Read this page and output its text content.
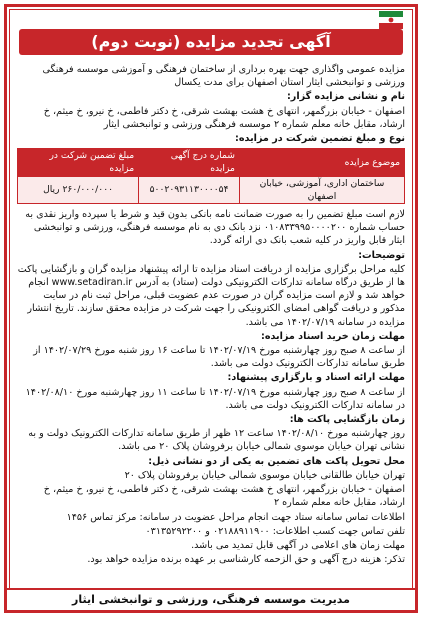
آگهی تجدید مزایده (نوبت دوم)

مزایده عمومی واگذاری جهت بهره برداری از ساختمان فرهنگی و آموزشی موسسه فرهنگی ورزشی و توانبخشی ایثار استان اصفهان برای مدت یکسال

نام و نشانی مزایده گزار:

اصفهان - خیابان بزرگمهر، انتهای خ هشت بهشت شرقی، خ دکتر فاطمی، خ نیرو، خ میثم، خ ارشاد، مقابل خانه معلم شماره ۲ موسسه فرهنگی ورزشی و توانبخشی ایثار

نوع و مبلغ تضمین شرکت در مزایده:

موضوع مزایده	شماره درج آگهی مزایده	مبلغ تضمین شرکت در مزایده
ساختمان اداری، آموزشی، خیابان اصفهان	۵۰۰۲۰۹۳۱۱۳۰۰۰۰۵۴	۲۶۰/۰۰۰/۰۰۰ ریال

لازم است مبلغ تضمین را به صورت ضمانت نامه بانکی بدون قید و شرط یا سپرده واریز نقدی به حساب شماره ۰۱۰۸۳۳۹۹۵۰۰۰۰۲۰۰ نزد بانک دی به نام موسسه فرهنگی، ورزشی و توانبخشی ایثار قابل واریز در کلیه شعب بانک دی ارائه گردد.

توضیحات:

کلیه مراحل برگزاری مزایده از دریافت اسناد مزایده تا ارائه پیشنهاد مزایده گران و بازگشایی پاکت ها از طریق درگاه سامانه تدارکات الکترونیکی دولت (ستاد) به آدرس www.setadiran.ir انجام خواهد شد و لازم است مزایده گران در صورت عدم عضویت قبلی، مراحل ثبت نام در سایت مذکور و دریافت گواهی امضای الکترونیکی را جهت شرکت در مزایده محقق سازند. تاریخ انتشار مزایده در سامانه ۱۴۰۲/۰۷/۱۹ می باشد.

مهلت زمان خرید اسناد مزایده:

از ساعت ۸ صبح روز چهارشنبه مورخ ۱۴۰۲/۰۷/۱۹ تا ساعت ۱۶ روز شنبه مورخ ۱۴۰۲/۰۷/۲۹ از طریق سامانه تدارکات الکترونیک دولت می باشد.

مهلت ارائه اسناد و بارگزاری پیشنهاد:

از ساعت ۸ صبح روز چهارشنبه مورخ ۱۴۰۲/۰۷/۱۹ تا ساعت ۱۱ روز چهارشنبه مورخ ۱۴۰۲/۰۸/۱۰ در سامانه تدارکات الکترونیک دولت می باشد.

زمان بازگشایی پاکت ها:

روز چهارشنبه مورخ ۱۴۰۲/۰۸/۱۰ ساعت ۱۲ ظهر از طریق سامانه تدارکات الکترونیک دولت و به نشانی تهران خیابان موسوی شمالی خیابان برفروشان پلاک ۲۰ می باشد.

محل تحویل پاکت های تضمین به یکی از دو نشانی ذیل:

تهران خیابان طالقانی خیابان موسوی شمالی خیابان برفروشان پلاک ۲۰

اصفهان - خیابان بزرگمهر، انتهای خ هشت بهشت شرقی، خ دکتر فاطمی، خ نیرو، خ میثم، خ ارشاد، مقابل خانه معلم شماره ۲

اطلاعات تماس سامانه ستاد جهت انجام مراحل عضویت در سامانه: مرکز تماس ۱۴۵۶

تلفن تماس جهت کسب اطلاعات: ۰۲۱۸۸۹۱۱۹۰۰ و ۰۳۱۳۵۲۹۲۲۰۰

مهلت زمان های اعلامی در آگهی قابل تمدید می باشد.

تذکر: هزینه درج آگهی و حق الزحمه کارشناسی بر عهده برنده مزایده خواهد بود.

مدیریت موسسه فرهنگی، ورزشی و توانبخشی ایثار
